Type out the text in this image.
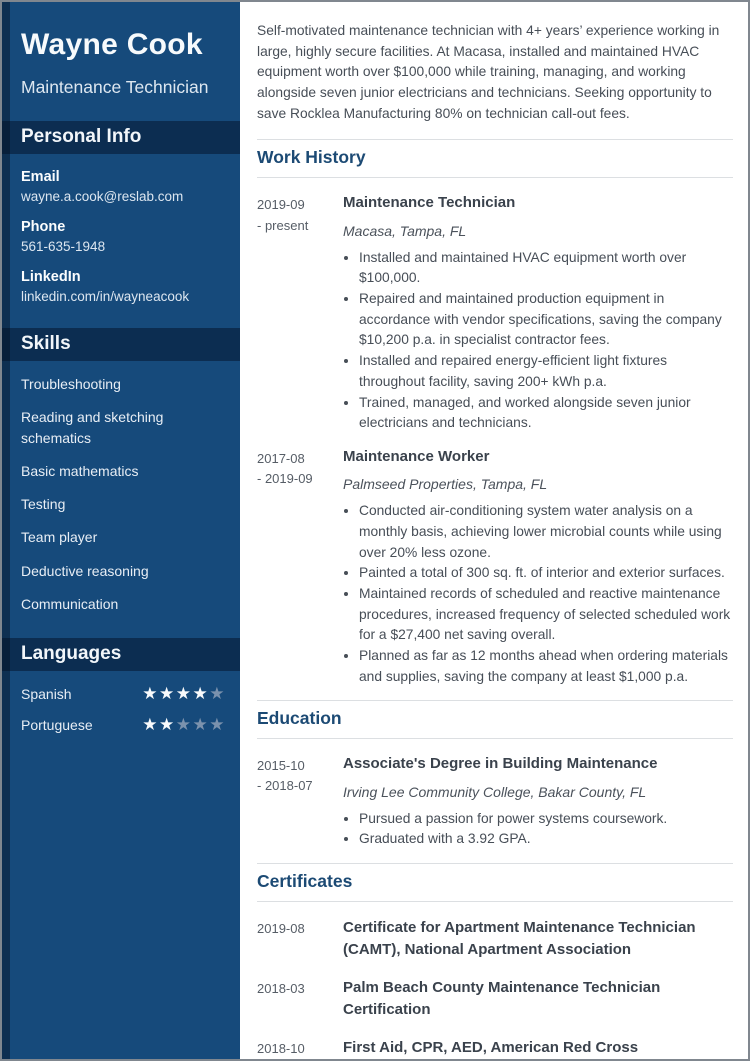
Wayne Cook
Maintenance Technician
Personal Info
Email
wayne.a.cook@reslab.com
Phone
561-635-1948
LinkedIn
linkedin.com/in/wayneacook
Skills
Troubleshooting
Reading and sketching schematics
Basic mathematics
Testing
Team player
Deductive reasoning
Communication
Languages
Spanish	★★★★★
Portuguese	★★★★★

Self-motivated maintenance technician with 4+ years’ experience working in large, highly secure facilities. At Macasa, installed and maintained HVAC equipment worth over $100,000 while training, managing, and working alongside seven junior electricians and technicians. Seeking opportunity to save Rocklea Manufacturing 80% on technician call-out fees.

Work History
2019-09
- present
Maintenance Technician
Macasa, Tampa, FL
• Installed and maintained HVAC equipment worth over $100,000.
• Repaired and maintained production equipment in accordance with vendor specifications, saving the company $10,200 p.a. in specialist contractor fees.
• Installed and repaired energy-efficient light fixtures throughout facility, saving 200+ kWh p.a.
• Trained, managed, and worked alongside seven junior electricians and technicians.
2017-08
- 2019-09
Maintenance Worker
Palmseed Properties, Tampa, FL
• Conducted air-conditioning system water analysis on a monthly basis, achieving lower microbial counts while using over 20% less ozone.
• Painted a total of 300 sq. ft. of interior and exterior surfaces.
• Maintained records of scheduled and reactive maintenance procedures, increased frequency of selected scheduled work for a $27,400 net saving overall.
• Planned as far as 12 months ahead when ordering materials and supplies, saving the company at least $1,000 p.a.
Education
2015-10
- 2018-07
Associate's Degree in Building Maintenance
Irving Lee Community College, Bakar County, FL
• Pursued a passion for power systems coursework.
• Graduated with a 3.92 GPA.
Certificates
2019-08	Certificate for Apartment Maintenance Technician (CAMT), National Apartment Association
2018-03	Palm Beach County Maintenance Technician Certification
2018-10	First Aid, CPR, AED, American Red Cross
